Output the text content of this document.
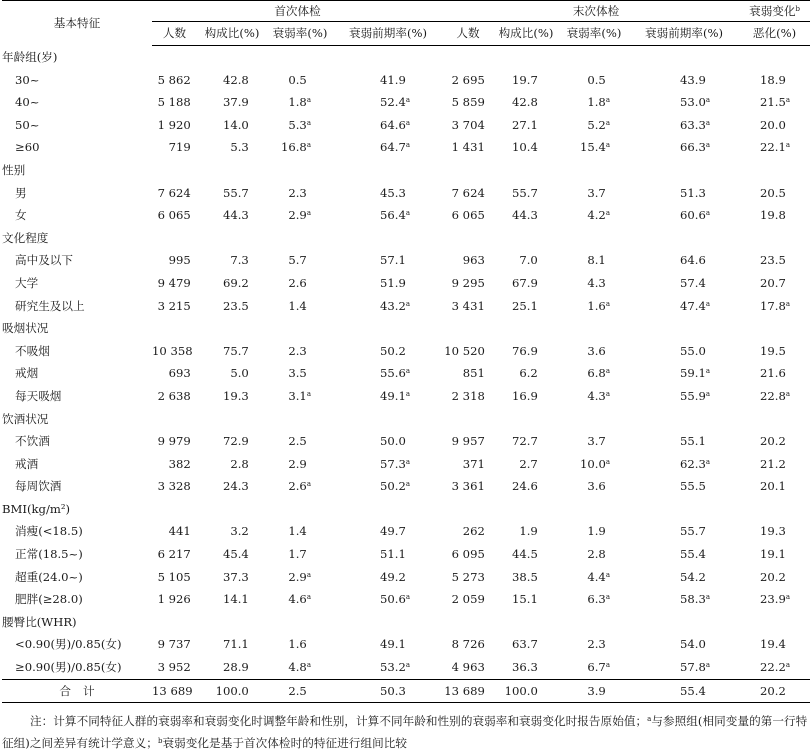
基本特征	首次体检				末次体检				衰弱变化$^b$
	人数	构成比(%)	衰弱率(%)	衰弱前期率(%)	人数	构成比(%)	衰弱率(%)	衰弱前期率(%)	恶化(%)
年龄组(岁)									
30~	5 862	42.8	0.5	41.9	2 695	19.7	0.5	43.9	18.9
40~	5 188	37.9	1.8$^a$	52.4$^a$	5 859	42.8	1.8$^a$	53.0$^a$	21.5$^a$
50~	1 920	14.0	5.3$^a$	64.6$^a$	3 704	27.1	5.2$^a$	63.3$^a$	20.0
≥60	719	5.3	16.8$^a$	64.7$^a$	1 431	10.4	15.4$^a$	66.3$^a$	22.1$^a$
性别									
男	7 624	55.7	2.3	45.3	7 624	55.7	3.7	51.3	20.5
女	6 065	44.3	2.9$^a$	56.4$^a$	6 065	44.3	4.2$^a$	60.6$^a$	19.8
文化程度									
高中及以下	995	7.3	5.7	57.1	963	7.0	8.1	64.6	23.5
大学	9 479	69.2	2.6	51.9	9 295	67.9	4.3	57.4	20.7
研究生及以上	3 215	23.5	1.4	43.2$^a$	3 431	25.1	1.6$^a$	47.4$^a$	17.8$^a$
吸烟状况									
不吸烟	10 358	75.7	2.3	50.2	10 520	76.9	3.6	55.0	19.5
戒烟	693	5.0	3.5	55.6$^a$	851	6.2	6.8$^a$	59.1$^a$	21.6
每天吸烟	2 638	19.3	3.1$^a$	49.1$^a$	2 318	16.9	4.3$^a$	55.9$^a$	22.8$^a$
饮酒状况									
不饮酒	9 979	72.9	2.5	50.0	9 957	72.7	3.7	55.1	20.2
戒酒	382	2.8	2.9	57.3$^a$	371	2.7	10.0$^a$	62.3$^a$	21.2
每周饮酒	3 328	24.3	2.6$^a$	50.2$^a$	3 361	24.6	3.6	55.5	20.1
BMI(kg/m²)									
消瘦(<18.5)	441	3.2	1.4	49.7	262	1.9	1.9	55.7	19.3
正常(18.5~)	6 217	45.4	1.7	51.1	6 095	44.5	2.8	55.4	19.1
超重(24.0~)	5 105	37.3	2.9$^a$	49.2	5 273	38.5	4.4$^a$	54.2	20.2
肥胖(≥28.0)	1 926	14.1	4.6$^a$	50.6$^a$	2 059	15.1	6.3$^a$	58.3$^a$	23.9$^a$
腰臀比(WHR)									
<0.90(男)/0.85(女)	9 737	71.1	1.6	49.1	8 726	63.7	2.3	54.0	19.4
≥0.90(男)/0.85(女)	3 952	28.9	4.8$^a$	53.2$^a$	4 963	36.3	6.7$^a$	57.8$^a$	22.2$^a$
合计	13 689	100.0	2.5	50.3	13 689	100.0	3.9	55.4	20.2
注：计算不同特征人群的衰弱率和衰弱变化时调整年龄和性别，计算不同年龄和性别的衰弱率和衰弱变化时报告原始值；$^a$与参照组(相同变量的第一行特征组)之间差异有统计学意义；$^b$衰弱变化是基于首次体检时的特征进行组间比较
